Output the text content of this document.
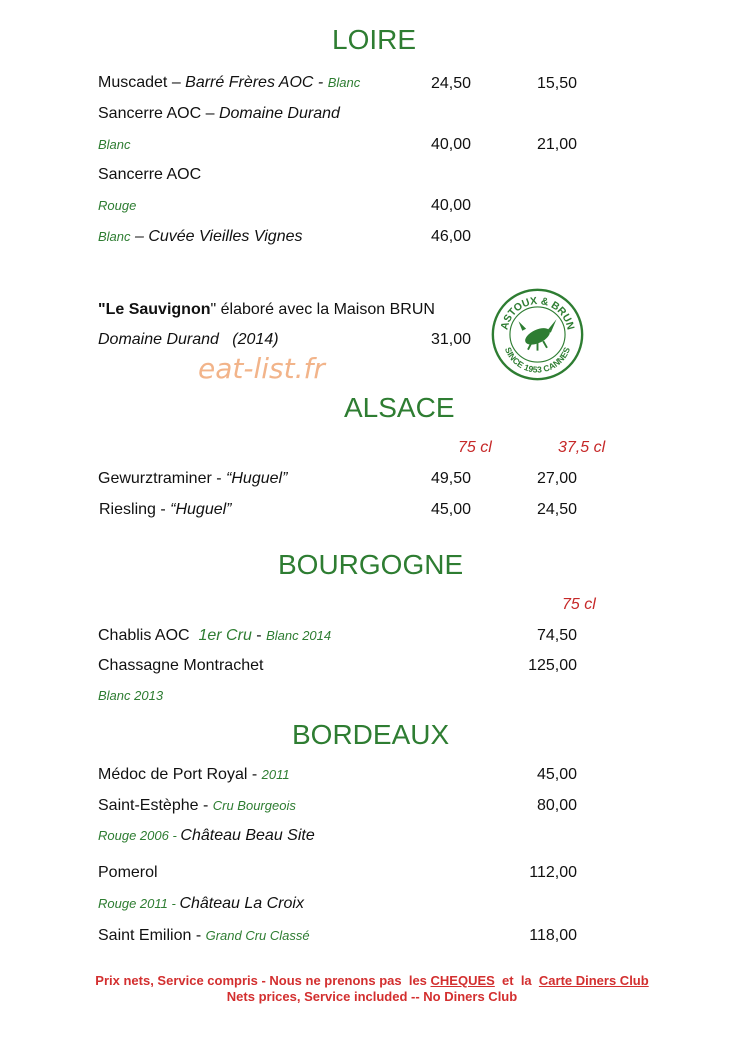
LOIRE
Muscadet – Barré Frères AOC - Blanc	24,50	15,50
Sancerre AOC – Domaine Durand
Blanc	40,00	21,00
Sancerre AOC
Rouge	40,00
Blanc – Cuvée Vieilles Vignes	46,00
"Le Sauvignon" élaboré avec la Maison BRUN
Domaine Durand   (2014)	31,00
eat-list.fr
ASTOUX & BRUN
SINCE 1953 CANNES
ALSACE
75 cl	37,5 cl
Gewurztraminer - “Huguel”	49,50	27,00
Riesling - “Huguel”	45,00	24,50
BOURGOGNE
75 cl
Chablis AOC  1er Cru - Blanc 2014	74,50
Chassagne Montrachet	125,00
Blanc 2013
BORDEAUX
Médoc de Port Royal - 2011	45,00
Saint-Estèphe - Cru Bourgeois	80,00
Rouge 2006 - Château Beau Site
Pomerol	112,00
Rouge 2011 - Château La Croix
Saint Emilion - Grand Cru Classé	118,00
Prix nets, Service compris - Nous ne prenons pas  les CHEQUES  et  la  Carte Diners Club
Nets prices, Service included -- No Diners Club
